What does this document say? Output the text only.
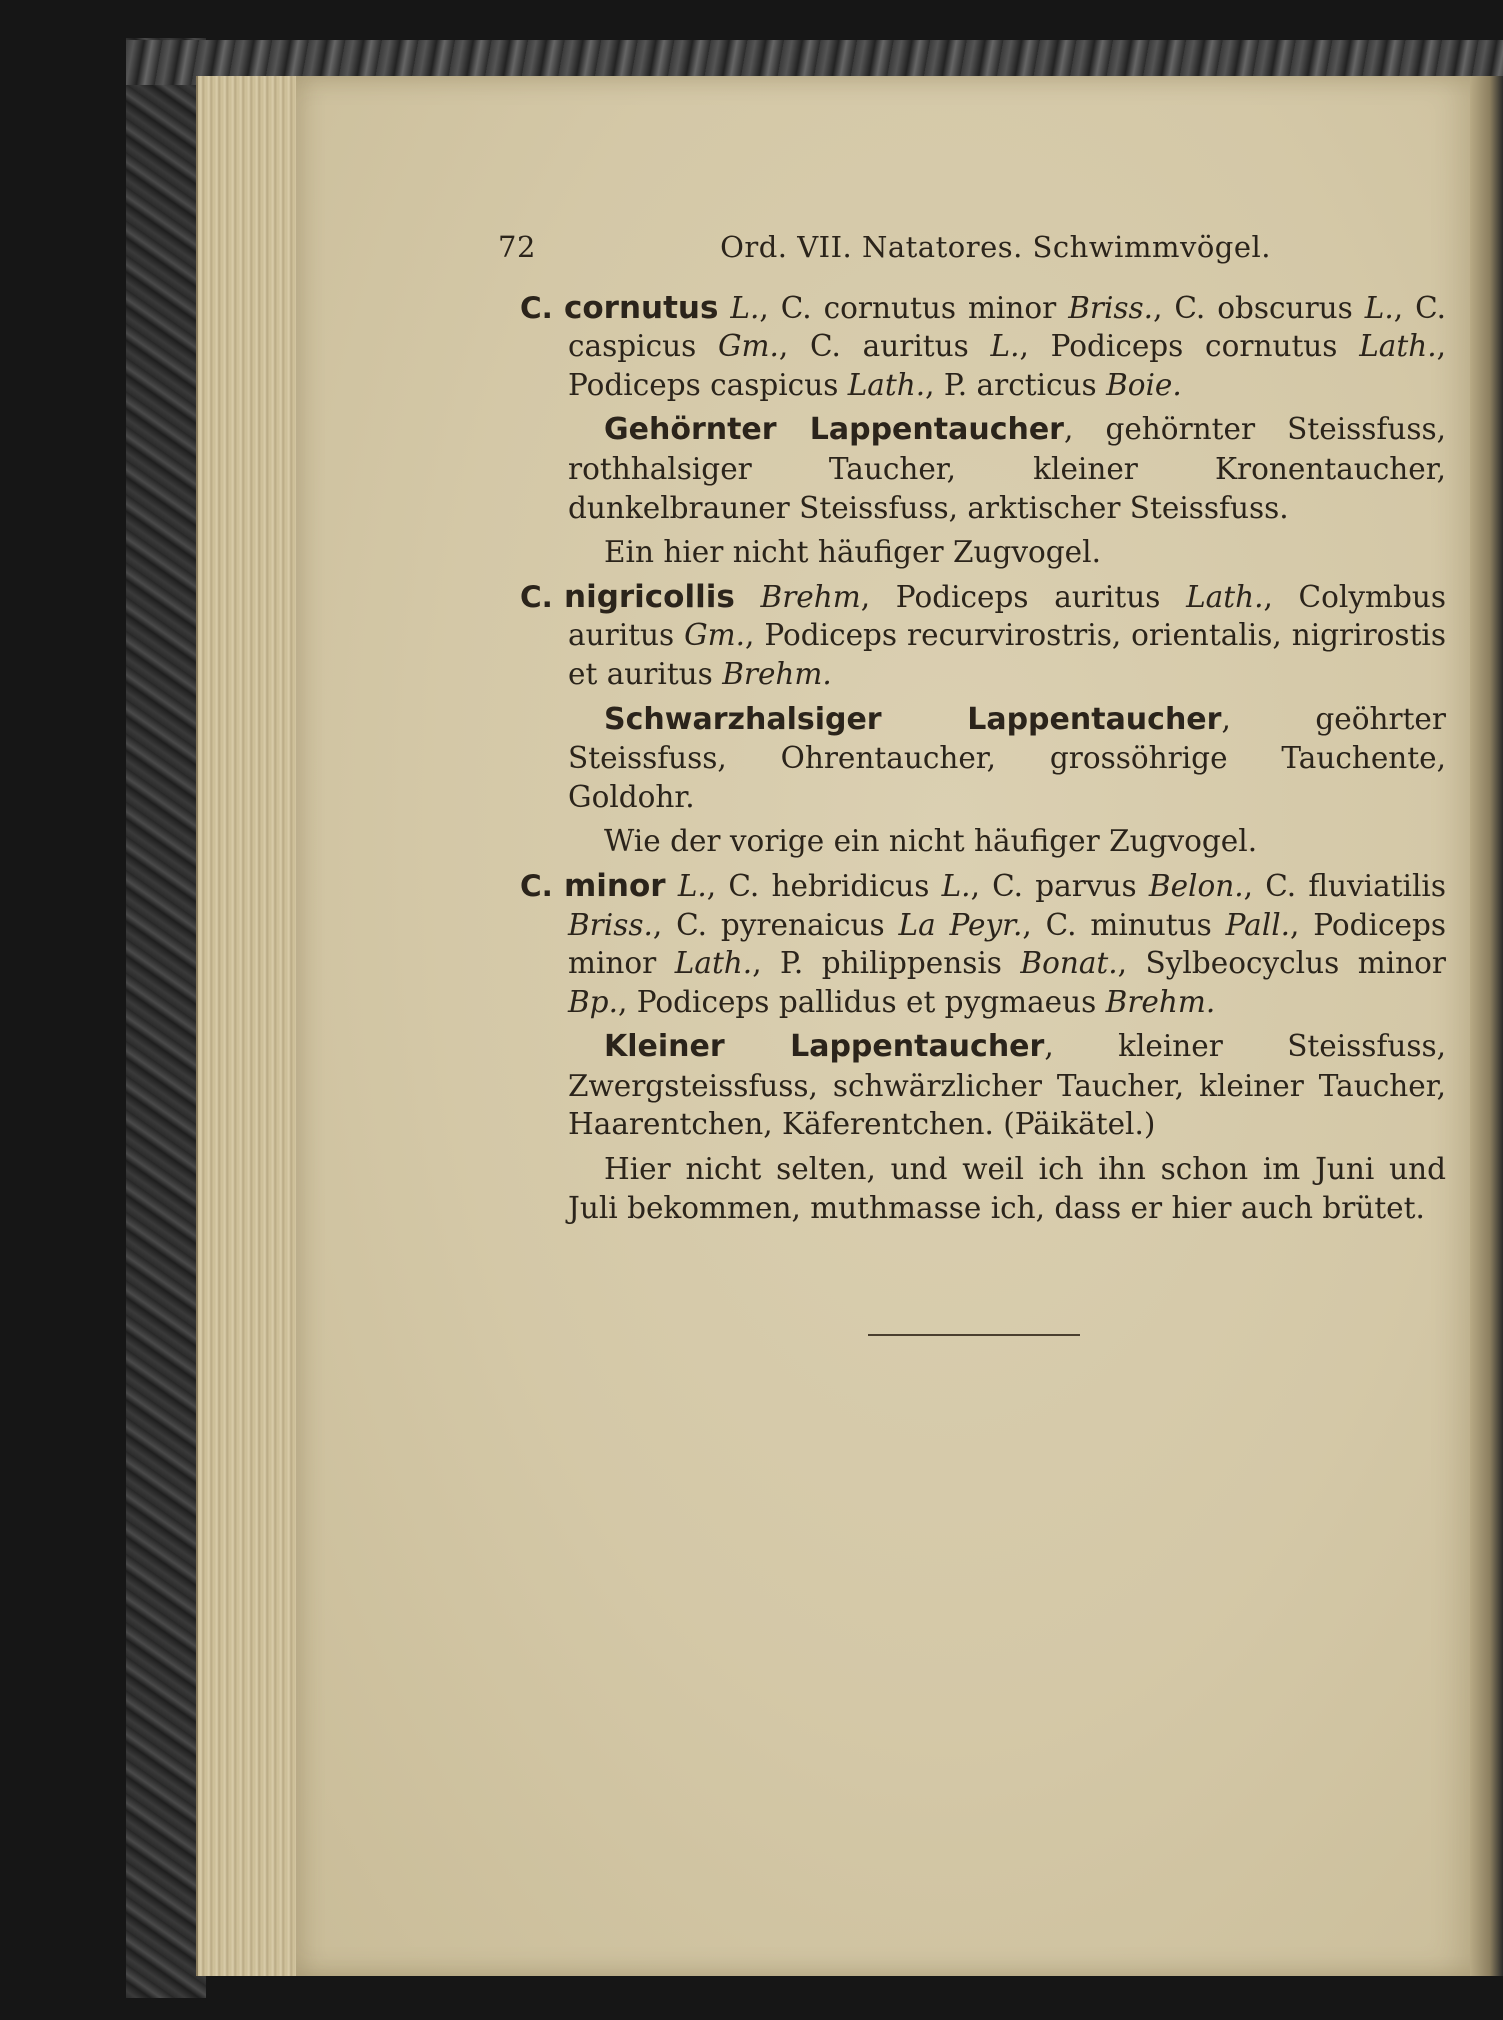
72	Ord. VII. Natatores. Schwimmvögel.

C. cornutus L., C. cornutus minor Briss., C. obscurus L., C. caspicus Gm., C. auritus L., Podiceps cornutus Lath., Podiceps caspicus Lath., P. arcticus Boie.

Gehörnter Lappentaucher, gehörnter Steissfuss, rothhalsiger Taucher, kleiner Kronentaucher, dunkelbrauner Steissfuss, arktischer Steissfuss.

Ein hier nicht häufiger Zugvogel.

C. nigricollis Brehm, Podiceps auritus Lath., Colymbus auritus Gm., Podiceps recurvirostris, orientalis, nigrirostis et auritus Brehm.

Schwarzhalsiger Lappentaucher, geöhrter Steissfuss, Ohrentaucher, grossöhrige Tauchente, Goldohr.

Wie der vorige ein nicht häufiger Zugvogel.

C. minor L., C. hebridicus L., C. parvus Belon., C. fluviatilis Briss., C. pyrenaicus La Peyr., C. minutus Pall., Podiceps minor Lath., P. philippensis Bonat., Sylbeocyclus minor Bp., Podiceps pallidus et pygmaeus Brehm.

Kleiner Lappentaucher, kleiner Steissfuss, Zwergsteissfuss, schwärzlicher Taucher, kleiner Taucher, Haarentchen, Käferentchen. (Päikätel.)

Hier nicht selten, und weil ich ihn schon im Juni und Juli bekommen, muthmasse ich, dass er hier auch brütet.
